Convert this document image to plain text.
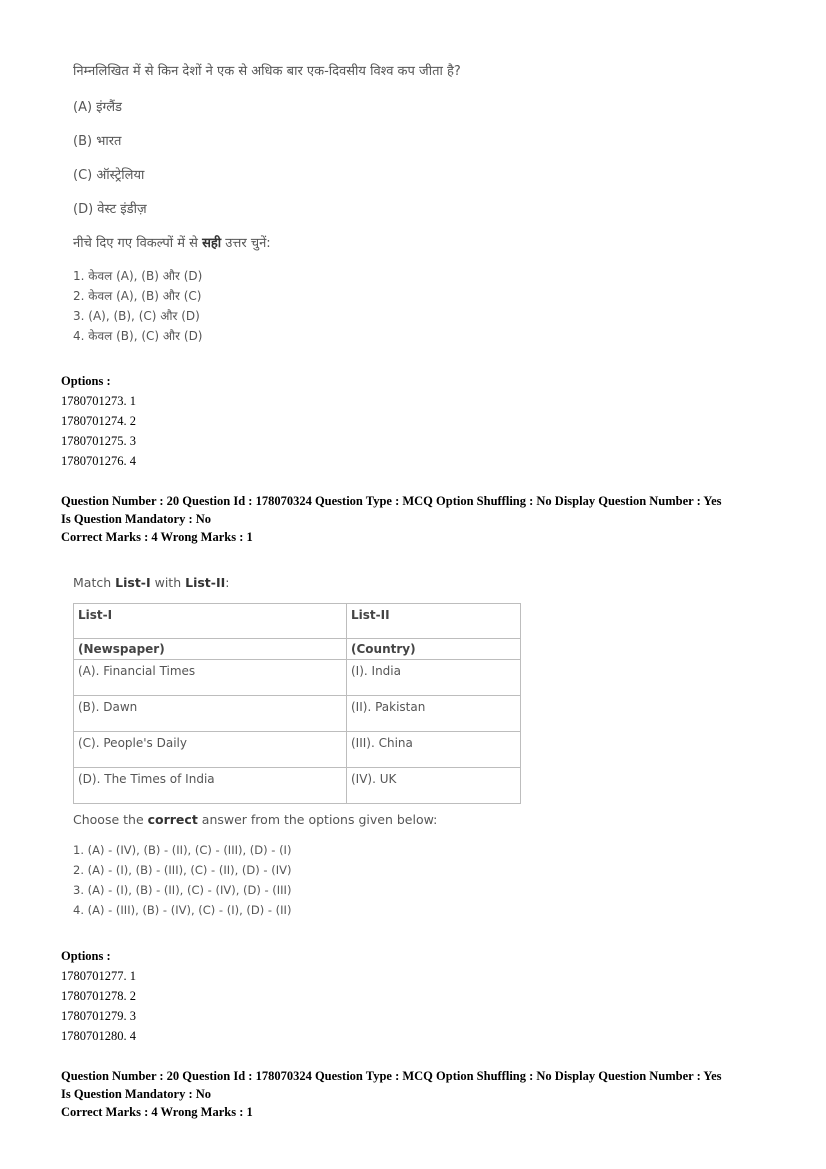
निम्नलिखित में से किन देशों ने एक से अधिक बार एक-दिवसीय विश्व कप जीता है?

(A) इंग्लैंड

(B) भारत

(C) ऑस्ट्रेलिया

(D) वेस्ट इंडीज़

नीचे दिए गए विकल्पों में से सही उत्तर चुनें:

1. केवल (A), (B) और (D)

2. केवल (A), (B) और (C)

3. (A), (B), (C) और (D)

4. केवल (B), (C) और (D)

Options :
1780701273. 1
1780701274. 2
1780701275. 3
1780701276. 4
Question Number : 20 Question Id : 178070324 Question Type : MCQ Option Shuffling : No Display Question Number : Yes
Is Question Mandatory : No
Correct Marks : 4 Wrong Marks : 1

Match List-I with List-II:

List-I	List-II
(Newspaper)	(Country)
(A). Financial Times	(I). India
(B). Dawn	(II). Pakistan
(C). People's Daily	(III). China
(D). The Times of India	(IV). UK

Choose the correct answer from the options given below:

1. (A) - (IV), (B) - (II), (C) - (III), (D) - (I)

2. (A) - (I), (B) - (III), (C) - (II), (D) - (IV)

3. (A) - (I), (B) - (II), (C) - (IV), (D) - (III)

4. (A) - (III), (B) - (IV), (C) - (I), (D) - (II)

Options :
1780701277. 1
1780701278. 2
1780701279. 3
1780701280. 4
Question Number : 20 Question Id : 178070324 Question Type : MCQ Option Shuffling : No Display Question Number : Yes
Is Question Mandatory : No
Correct Marks : 4 Wrong Marks : 1
